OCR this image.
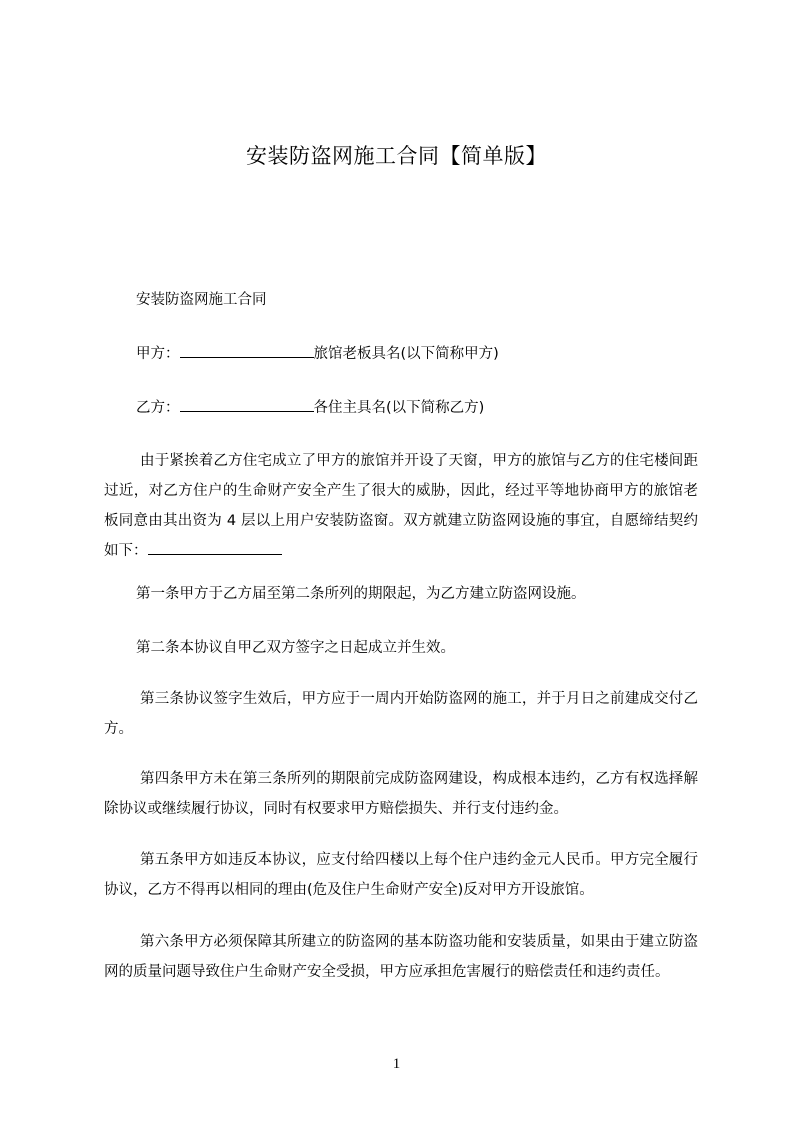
安装防盗网施工合同【简单版】
安装防盗网施工合同
甲方：	旅馆老板具名(以下简称甲方)
乙方：	各住主具名(以下简称乙方)
由于紧挨着乙方住宅成立了甲方的旅馆并开设了天窗，甲方的旅馆与乙方的住宅楼间距过近，对乙方住户的生命财产安全产生了很大的威胁，因此，经过平等地协商甲方的旅馆老板同意由其出资为 4 层以上用户安装防盗窗。双方就建立防盗网设施的事宜，自愿缔结契约如下：
第一条甲方于乙方届至第二条所列的期限起，为乙方建立防盗网设施。
第二条本协议自甲乙双方签字之日起成立并生效。
第三条协议签字生效后，甲方应于一周内开始防盗网的施工，并于月日之前建成交付乙方。
第四条甲方未在第三条所列的期限前完成防盗网建设，构成根本违约，乙方有权选择解除协议或继续履行协议，同时有权要求甲方赔偿损失、并行支付违约金。
第五条甲方如违反本协议，应支付给四楼以上每个住户违约金元人民币。甲方完全履行协议，乙方不得再以相同的理由(危及住户生命财产安全)反对甲方开设旅馆。
第六条甲方必须保障其所建立的防盗网的基本防盗功能和安装质量，如果由于建立防盗网的质量问题导致住户生命财产安全受损，甲方应承担危害履行的赔偿责任和违约责任。
1
